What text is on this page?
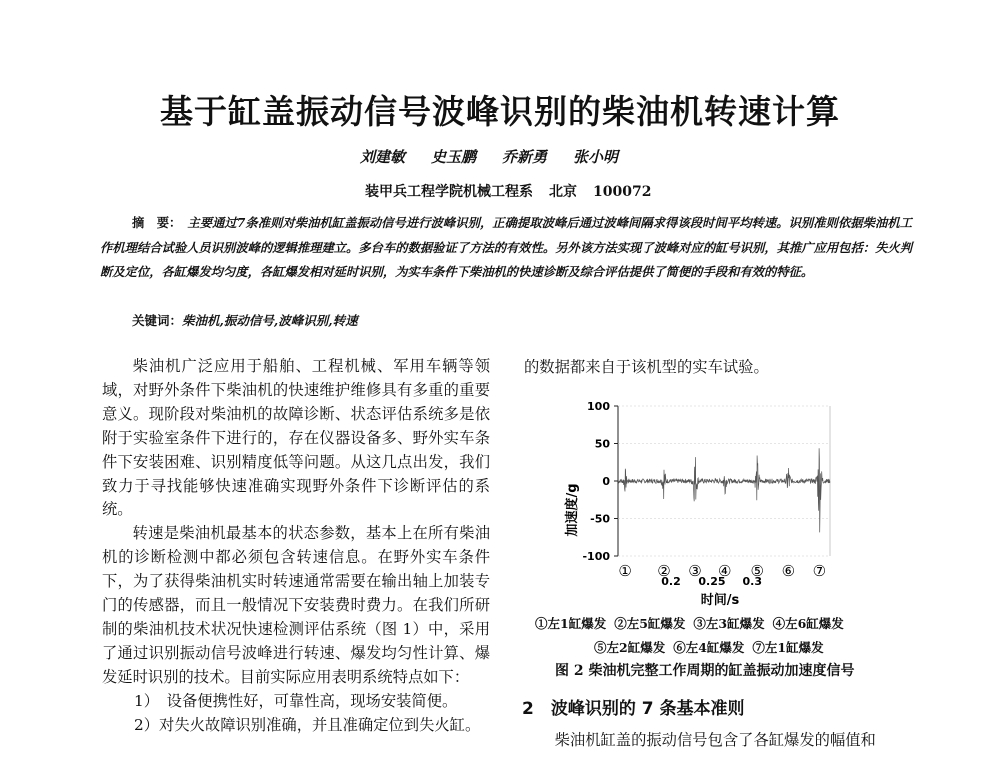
基于缸盖振动信号波峰识别的柴油机转速计算
刘建敏 史玉鹏 乔新勇 张小明
装甲兵工程学院机械工程系 北京 100072
摘　要： 主要通过7条准则对柴油机缸盖振动信号进行波峰识别，正确提取波峰后通过波峰间隔求得该段时间平均转速。识别准则依据柴油机工作机理结合试验人员识别波峰的逻辑推理建立。多台车的数据验证了方法的有效性。另外该方法实现了波峰对应的缸号识别，其推广应用包括：失火判断及定位，各缸爆发均匀度，各缸爆发相对延时识别，为实车条件下柴油机的快速诊断及综合评估提供了简便的手段和有效的特征。
关键词：柴油机,振动信号,波峰识别,转速

柴油机广泛应用于船舶、工程机械、军用车辆等领域，对野外条件下柴油机的快速维护维修具有多重的重要意义。现阶段对柴油机的故障诊断、状态评估系统多是依附于实验室条件下进行的，存在仪器设备多、野外实车条件下安装困难、识别精度低等问题。从这几点出发，我们致力于寻找能够快速准确实现野外条件下诊断评估的系统。

转速是柴油机最基本的状态参数，基本上在所有柴油机的诊断检测中都必须包含转速信息。在野外实车条件下，为了获得柴油机实时转速通常需要在输出轴上加装专门的传感器，而且一般情况下安装费时费力。在我们所研制的柴油机技术状况快速检测评估系统（图 1）中，采用了通过识别振动信号波峰进行转速、爆发均匀性计算、爆发延时识别的技术。目前实际应用表明系统特点如下：

1）　设备便携性好，可靠性高，现场安装简便。

2）对失火故障识别准确，并且准确定位到失火缸。

的数据都来自于该机型的实车试验。
100
50
0
-50
-100
0.2 0.25 0.3
① ② ③ ④ ⑤ ⑥ ⑦
加速度/g
时间/s
①左1缸爆发 ②左5缸爆发 ③左3缸爆发 ④左6缸爆发
⑤左2缸爆发 ⑥左4缸爆发 ⑦左1缸爆发
图 2 柴油机完整工作周期的缸盖振动加速度信号
2　波峰识别的 7 条基本准则
柴油机缸盖的振动信号包含了各缸爆发的幅值和
